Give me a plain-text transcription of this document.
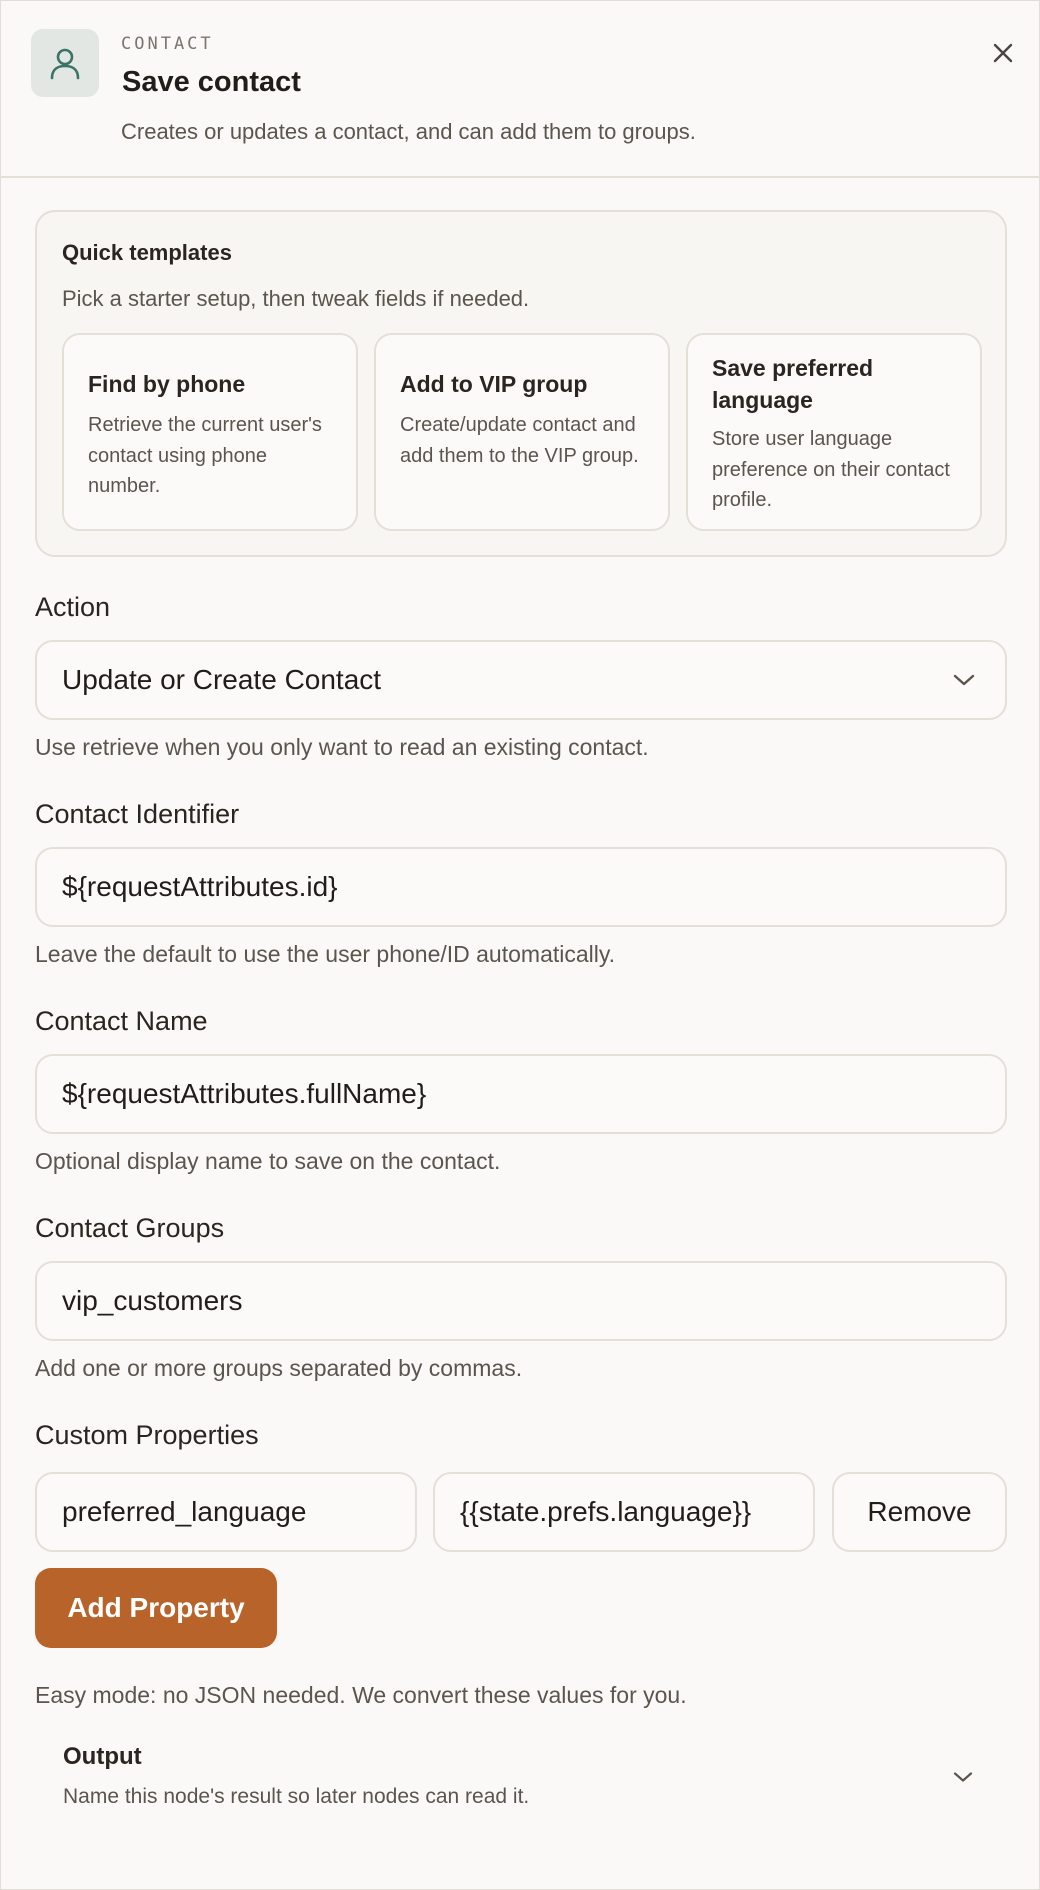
CONTACT
Save contact
Creates or updates a contact, and can add them to groups.
Quick templates
Pick a starter setup, then tweak fields if needed.
Find by phone
Retrieve the current user's contact using phone number.
Add to VIP group
Create/update contact and add them to the VIP group.
Save preferred language
Store user language preference on their contact profile.
Action
Update or Create Contact
Use retrieve when you only want to read an existing contact.
Contact Identifier
${requestAttributes.id}
Leave the default to use the user phone/ID automatically.
Contact Name
${requestAttributes.fullName}
Optional display name to save on the contact.
Contact Groups
vip_customers
Add one or more groups separated by commas.
Custom Properties
preferred_language	{{state.prefs.language}}	Remove
Add Property
Easy mode: no JSON needed. We convert these values for you.
Output
Name this node's result so later nodes can read it.
